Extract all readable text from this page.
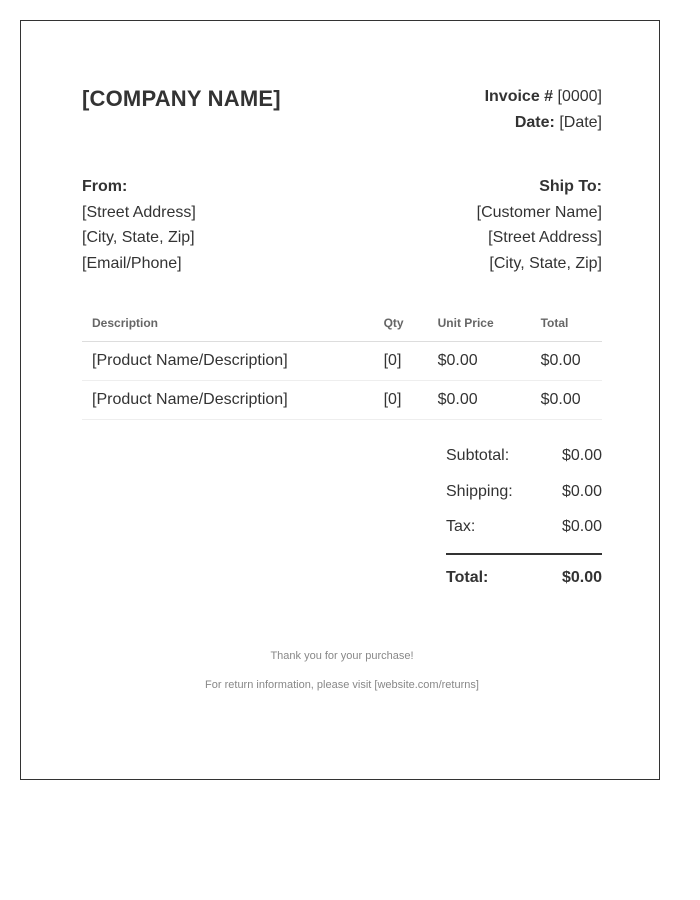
[COMPANY NAME]	Invoice # [0000]
Date: [Date]
From:
[Street Address]
[City, State, Zip]
[Email/Phone]
Ship To:
[Customer Name]
[Street Address]
[City, State, Zip]
Description	Qty	Unit Price	Total
[Product Name/Description]	[0]	$0.00	$0.00
[Product Name/Description]	[0]	$0.00	$0.00
Subtotal:	$0.00
Shipping:	$0.00
Tax:	$0.00
Total:	$0.00
Thank you for your purchase!
For return information, please visit [website.com/returns]
